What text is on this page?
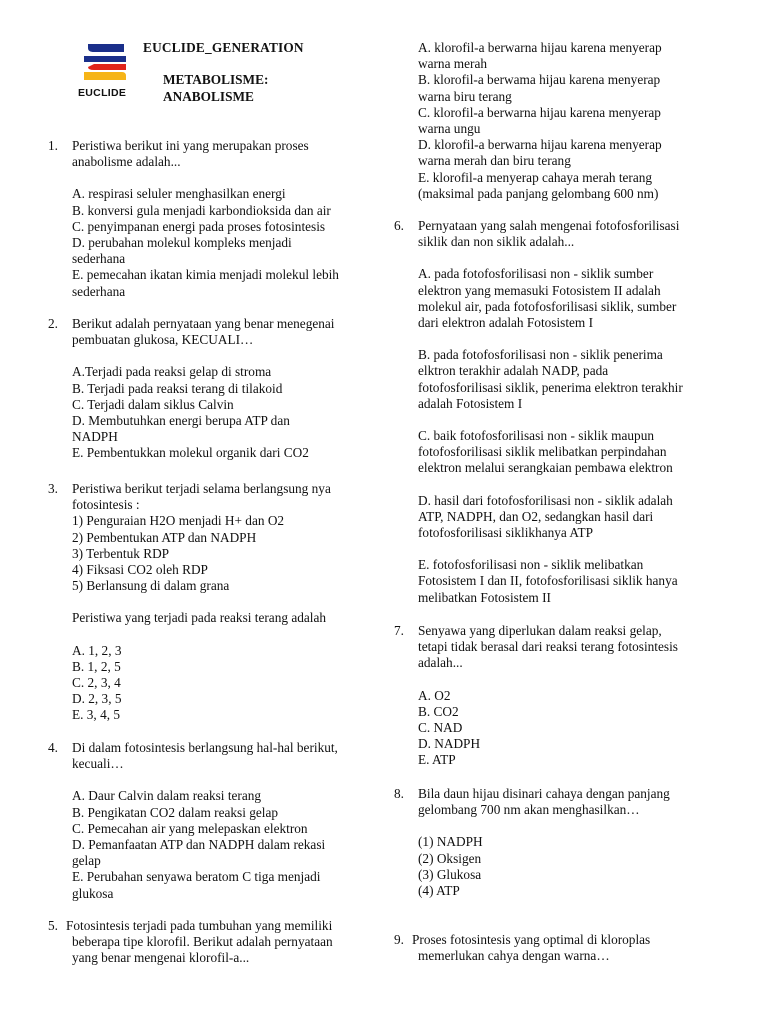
EUCLIDE
EUCLIDE_GENERATION
METABOLISME:
ANABOLISME
1. Peristiwa berikut ini yang merupakan proses
anabolisme adalah...
A. respirasi seluler menghasilkan energi
B. konversi gula menjadi karbondioksida dan air
C. penyimpanan energi pada proses fotosintesis
D. perubahan molekul kompleks menjadi
sederhana
E. pemecahan ikatan kimia menjadi molekul lebih
sederhana
2. Berikut adalah pernyataan yang benar menegenai
pembuatan glukosa, KECUALI…
A.Terjadi pada reaksi gelap di stroma
B. Terjadi pada reaksi terang di tilakoid
C. Terjadi dalam siklus Calvin
D. Membutuhkan energi berupa ATP dan
NADPH
E. Pembentukkan molekul organik dari CO2
3. Peristiwa berikut terjadi selama berlangsung nya
fotosintesis :
1) Penguraian H2O menjadi H+ dan O2
2) Pembentukan ATP dan NADPH
3) Terbentuk RDP
4) Fiksasi CO2 oleh RDP
5) Berlansung di dalam grana
Peristiwa yang terjadi pada reaksi terang adalah
A. 1, 2, 3
B. 1, 2, 5
C. 2, 3, 4
D. 2, 3, 5
E. 3, 4, 5
4. Di dalam fotosintesis berlangsung hal-hal berikut,
kecuali…
A. Daur Calvin dalam reaksi terang
B. Pengikatan CO2 dalam reaksi gelap
C. Pemecahan air yang melepaskan elektron
D. Pemanfaatan ATP dan NADPH dalam rekasi
gelap
E. Perubahan senyawa beratom C tiga menjadi
glukosa
5. Fotosintesis terjadi pada tumbuhan yang memiliki
beberapa tipe klorofil. Berikut adalah pernyataan
yang benar mengenai klorofil-a...
A. klorofil-a berwarna hijau karena menyerap
warna merah
B. klorofil-a berwama hijau karena menyerap
warna biru terang
C. klorofil-a berwarna hijau karena menyerap
warna ungu
D. klorofil-a berwarna hijau karena menyerap
warna merah dan biru terang
E. klorofil-a menyerap cahaya merah terang
(maksimal pada panjang gelombang 600 nm)
6. Pernyataan yang salah mengenai fotofosforilisasi
siklik dan non siklik adalah...
A. pada fotofosforilisasi non - siklik sumber
elektron yang memasuki Fotosistem II adalah
molekul air, pada fotofosforilisasi siklik, sumber
dari elektron adalah Fotosistem I
B. pada fotofosforilisasi non - siklik penerima
elktron terakhir adalah NADP, pada
fotofosforilisasi siklik, penerima elektron terakhir
adalah Fotosistem I
C. baik fotofosforilisasi non - siklik maupun
fotofosforilisasi siklik melibatkan perpindahan
elektron melalui serangkaian pembawa elektron
D. hasil dari fotofosforilisasi non - siklik adalah
ATP, NADPH, dan O2, sedangkan hasil dari
fotofosforilisasi siklikhanya ATP
E. fotofosforilisasi non - siklik melibatkan
Fotosistem I dan II, fotofosforilisasi siklik hanya
melibatkan Fotosistem II
7. Senyawa yang diperlukan dalam reaksi gelap,
tetapi tidak berasal dari reaksi terang fotosintesis
adalah...
A. O2
B. CO2
C. NAD
D. NADPH
E. ATP
8. Bila daun hijau disinari cahaya dengan panjang
gelombang 700 nm akan menghasilkan…
(1) NADPH
(2) Oksigen
(3) Glukosa
(4) ATP
9. Proses fotosintesis yang optimal di kloroplas
memerlukan cahya dengan warna…
